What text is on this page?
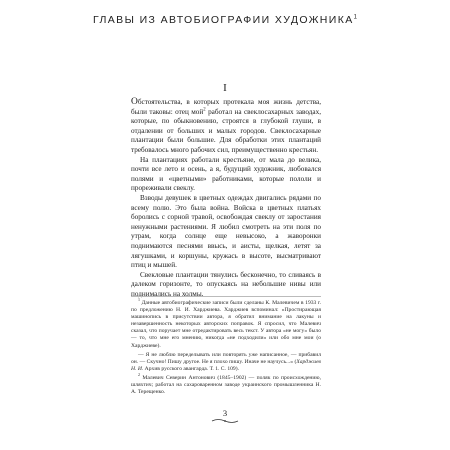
ГЛАВЫ ИЗ АВТОБИОГРАФИИ ХУДОЖНИКА$^1$
I

Обстоятельства, в которых протекала моя жизнь детства, были таковы: отец мой$^2$ работал на свеклосахарных заводах, которые, по обыкновению, строятся в глубокой глуши, в отдалении от больших и малых городов. Свеклосахарные плантации были большие. Для обработки этих плантаций требовалось много рабочих сил, преимущественно крестьян.

На плантациях работали крестьяне, от мала до велика, почти все лето и осень, а я, будущий художник, любовался полями и «цветными» работниками, которые пололи и прореживали свеклу.

Взводы девушек в цветных одеждах двигались рядами по всему полю. Это была война. Войска в цветных платьях боролись с сорной травой, освобождая свеклу от заростания ненужными растениями. Я любил смотреть на эти поля по утрам, когда солнце еще невысоко, а жаворонки поднимаются песнями ввысь, и аисты, щелкая, летят за лягушками, и коршуны, кружась в высоте, высматривают птиц и мышей.

Свекловые плантации тянулись бесконечно, то сливаясь в далеком горизонте, то опускаясь на небольшие нивы или поднимались на холмы.

$^1$ Данные автобиографические записи были сделаны К. Малевичем в 1933 г. по предложению Н. И. Харджиева. Харджиев вспоминал: «Простирающая машинопись в присутствии автора, я обратил внимание на лакуны и незавершенность некоторых авторских поправок. Я спросил, что Малевич сказал, что поручает мне отредактировать весь текст. У автора «не могу» было — то, что мне его мнению, никогда «не подходили» или обо мне мои (о Харджиеве).

— Я не люблю переделывать или повторять уже написанное, — прибавил он. — Скучно! Пишу другое. Не я плохо пишу. Иначе не научусь...» (Харджиев Н. И. Архив русского авангарда. Т. 1. С. 109).

$^2$ Малевич Северин Антонович (1845–1902) — поляк по происхождению, шляхтич; работал на сахароваренном заводе украинского промышленника Н. А. Терещенко.

3
